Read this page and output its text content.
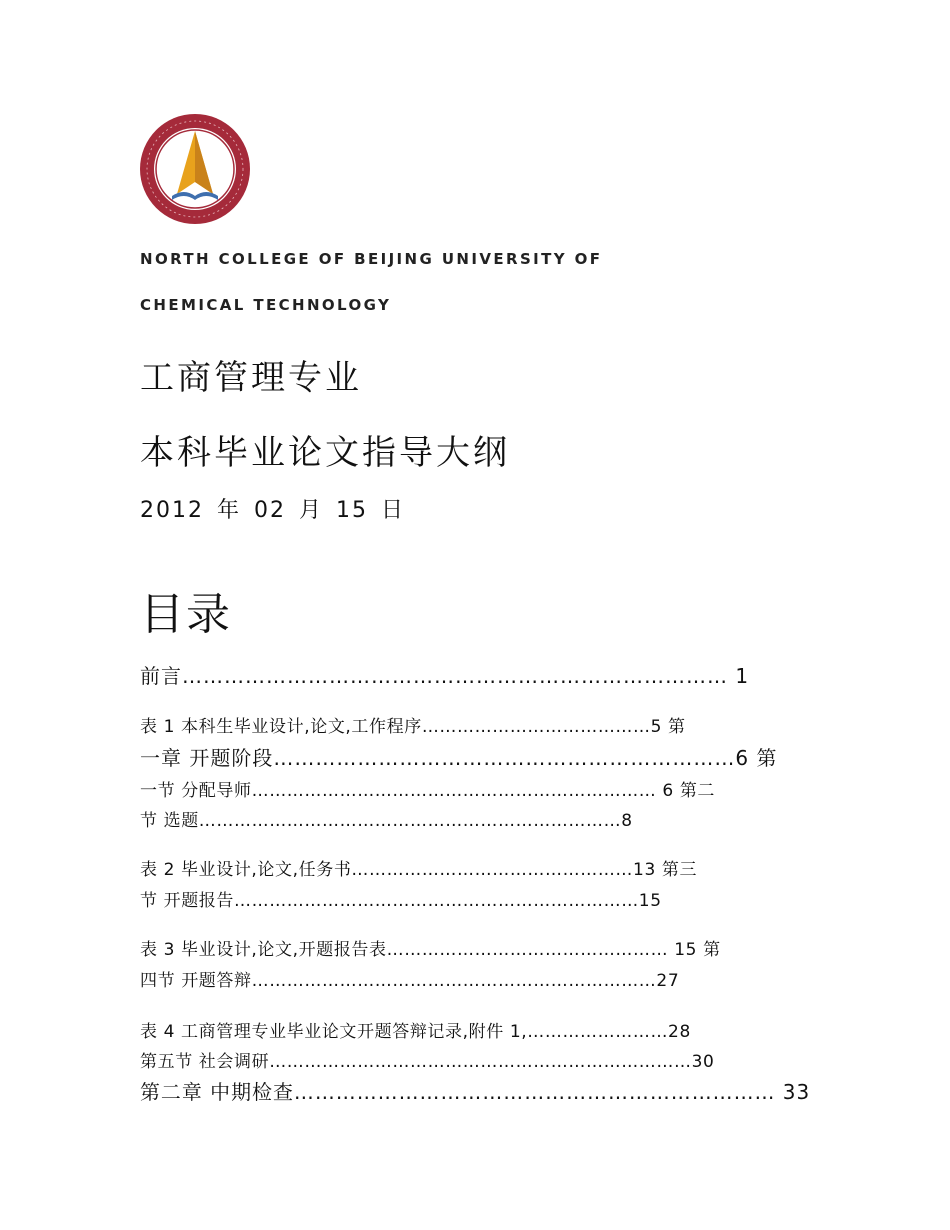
NORTH COLLEGE OF BEIJING UNIVERSITY OF
CHEMICAL TECHNOLOGY
工商管理专业
本科毕业论文指导大纲
2012 年 02 月 15 日
目录
前言…………………………………………………………………… 1
表 1 本科生毕业设计,论文,工作程序…………………………………5 第
一章 开题阶段…………………………………………………………6 第
一节 分配导师…………………………………………………………… 6 第二
节 选题………………………………………………………………8
表 2 毕业设计,论文,任务书…………………………………………13 第三
节 开题报告……………………………………………………………15
表 3 毕业设计,论文,开题报告表………………………………………… 15 第
四节 开题答辩……………………………………………………………27
表 4 工商管理专业毕业论文开题答辩记录,附件 1,……………………28
第五节 社会调研………………………………………………………………30
第二章 中期检查…………………………………………………………… 33
